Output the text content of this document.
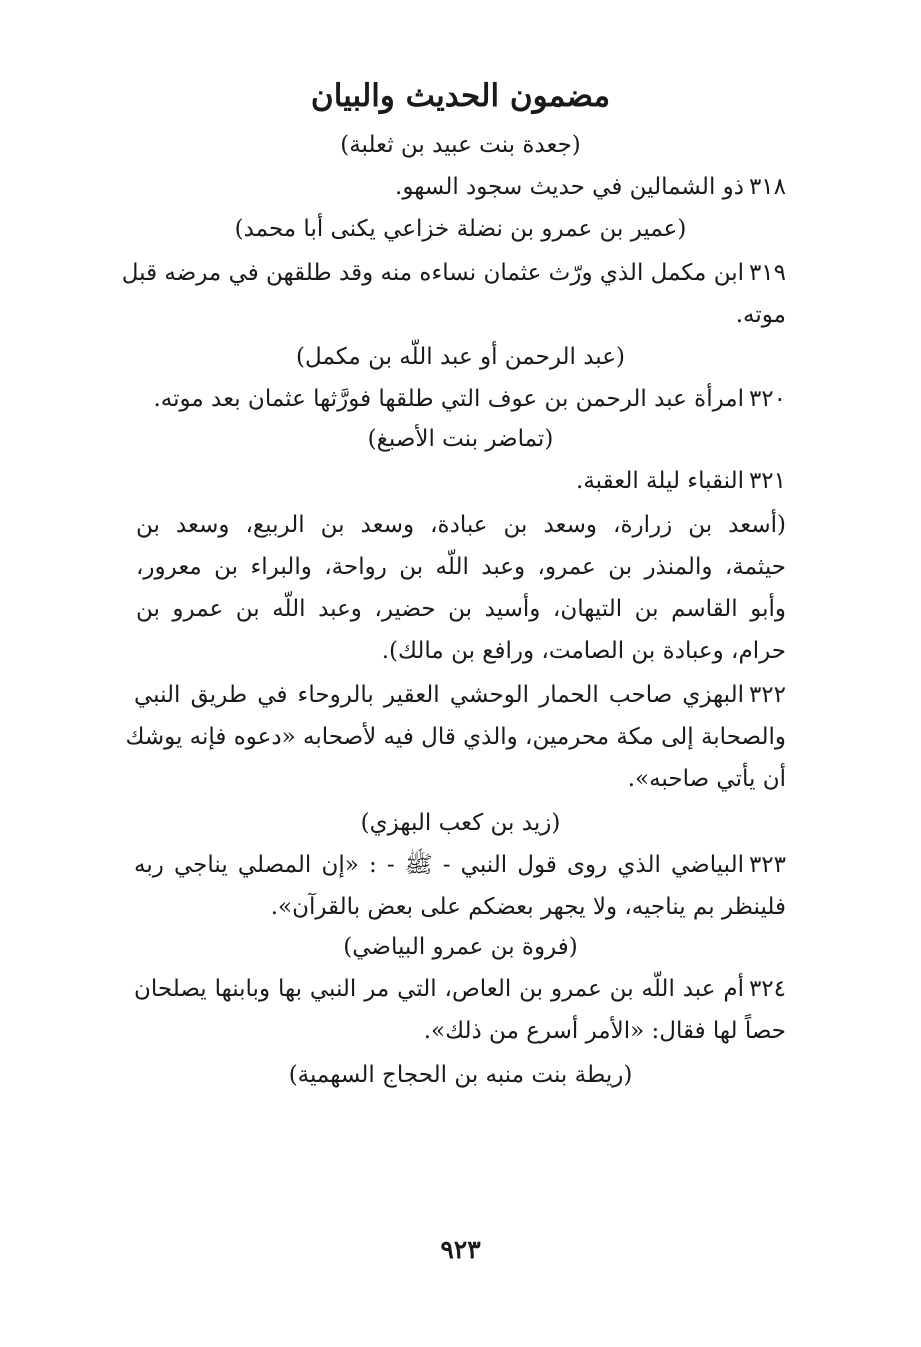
مضمون الحديث والبيان
(جعدة بنت عبيد بن ثعلبة)
٣١٨
ذو الشمالين في حديث سجود السهو.
(عمير بن عمرو بن نضلة خزاعي يكنى أبا محمد)
٣١٩
ابن مكمل الذي ورّث عثمان نساءه منه وقد طلقهن في مرضه قبل
موته.
(عبد الرحمن أو عبد اللّه بن مكمل)
٣٢٠
امرأة عبد الرحمن بن عوف التي طلقها فورَّثها عثمان بعد موته.
(تماضر بنت الأصبغ)
٣٢١
النقباء ليلة العقبة.
(أسعد بن زرارة، وسعد بن عبادة، وسعد بن الربيع، وسعد بن
حيثمة، والمنذر بن عمرو، وعبد اللّه بن رواحة، والبراء بن معرور،
وأبو القاسم بن التيهان، وأسيد بن حضير، وعبد اللّه بن عمرو بن
حرام، وعبادة بن الصامت، ورافع بن مالك).
٣٢٢
البهزي صاحب الحمار الوحشي العقير بالروحاء في طريق النبي
والصحابة إلى مكة محرمين، والذي قال فيه لأصحابه «دعوه فإنه يوشك
أن يأتي صاحبه».
(زيد بن كعب البهزي)
٣٢٣
البياضي الذي روى قول النبي - ﷺ - : «إن المصلي يناجي ربه
فلينظر بم يناجيه، ولا يجهر بعضكم على بعض بالقرآن».
(فروة بن عمرو البياضي)
٣٢٤
أم عبد اللّه بن عمرو بن العاص، التي مر النبي بها وبابنها يصلحان
حصاً لها فقال: «الأمر أسرع من ذلك».
(ريطة بنت منبه بن الحجاج السهمية)
٩٢٣
